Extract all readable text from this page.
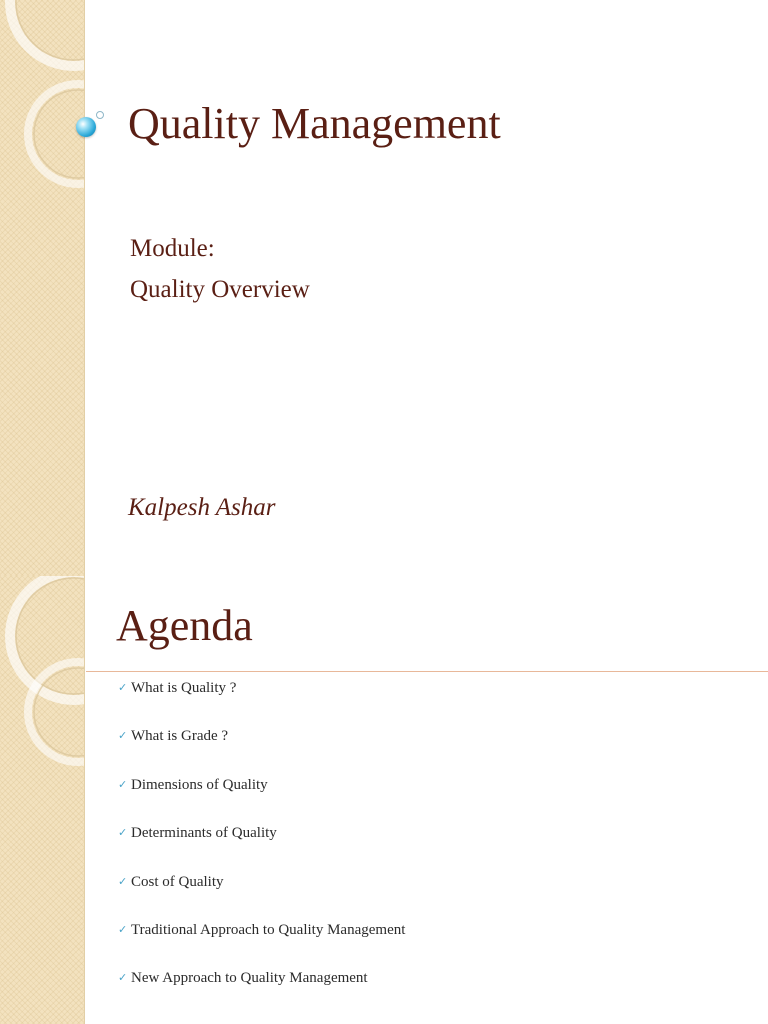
Quality Management
Module:
Quality Overview
Kalpesh Ashar
Agenda
✓ What is Quality ?
✓ What is Grade ?
✓ Dimensions of Quality
✓ Determinants of Quality
✓ Cost of Quality
✓ Traditional Approach to Quality Management
✓ New Approach to Quality Management
